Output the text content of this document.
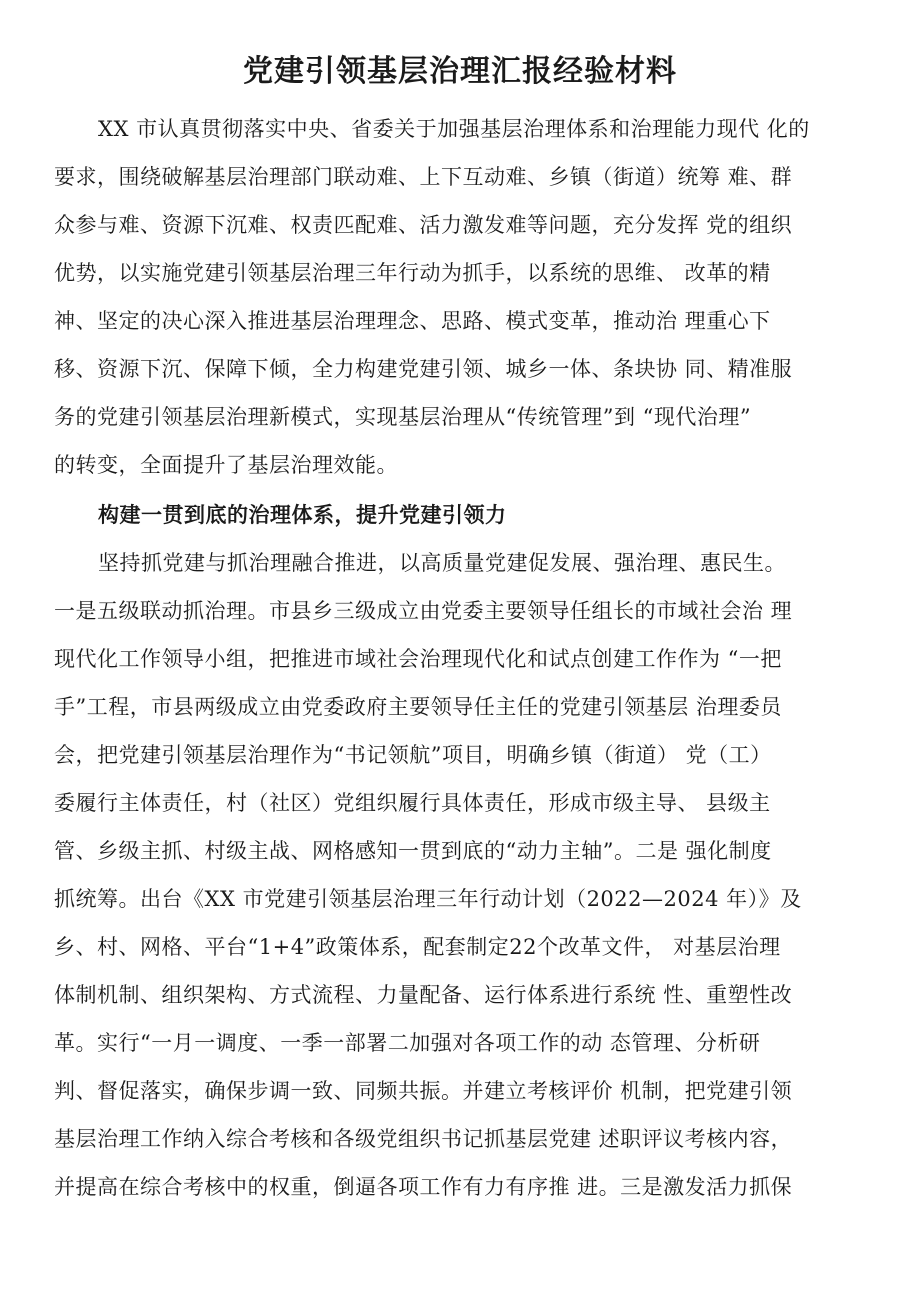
党建引领基层治理汇报经验材料
XX 市认真贯彻落实中央、省委关于加强基层治理体系和治理能力现代 化的
要求，围绕破解基层治理部门联动难、上下互动难、乡镇（街道）统筹 难、群
众参与难、资源下沉难、权责匹配难、活力激发难等问题，充分发挥 党的组织
优势，以实施党建引领基层治理三年行动为抓手，以系统的思维、 改革的精
神、坚定的决心深入推进基层治理理念、思路、模式变革，推动治 理重心下
移、资源下沉、保障下倾，全力构建党建引领、城乡一体、条块协 同、精准服
务的党建引领基层治理新模式，实现基层治理从“传统管理”到 “现代治理”
的转变，全面提升了基层治理效能。
构建一贯到底的治理体系，提升党建引领力
坚持抓党建与抓治理融合推进，以高质量党建促发展、强治理、惠民生。
一是五级联动抓治理。市县乡三级成立由党委主要领导任组长的市域社会治 理
现代化工作领导小组，把推进市域社会治理现代化和试点创建工作作为 “一把
手”工程，市县两级成立由党委政府主要领导任主任的党建引领基层 治理委员
会，把党建引领基层治理作为“书记领航”项目，明确乡镇（街道） 党（工）
委履行主体责任，村（社区）党组织履行具体责任，形成市级主导、 县级主
管、乡级主抓、村级主战、网格感知一贯到底的“动力主轴”。二是 强化制度
抓统筹。出台《XX 市党建引领基层治理三年行动计划（2022—2024 年）》及
乡、村、网格、平台“1+4”政策体系，配套制定22个改革文件， 对基层治理
体制机制、组织架构、方式流程、力量配备、运行体系进行系统 性、重塑性改
革。实行“一月一调度、一季一部署二加强对各项工作的动 态管理、分析研
判、督促落实，确保步调一致、同频共振。并建立考核评价 机制，把党建引领
基层治理工作纳入综合考核和各级党组织书记抓基层党建 述职评议考核内容，
并提高在综合考核中的权重，倒逼各项工作有力有序推 进。三是激发活力抓保
